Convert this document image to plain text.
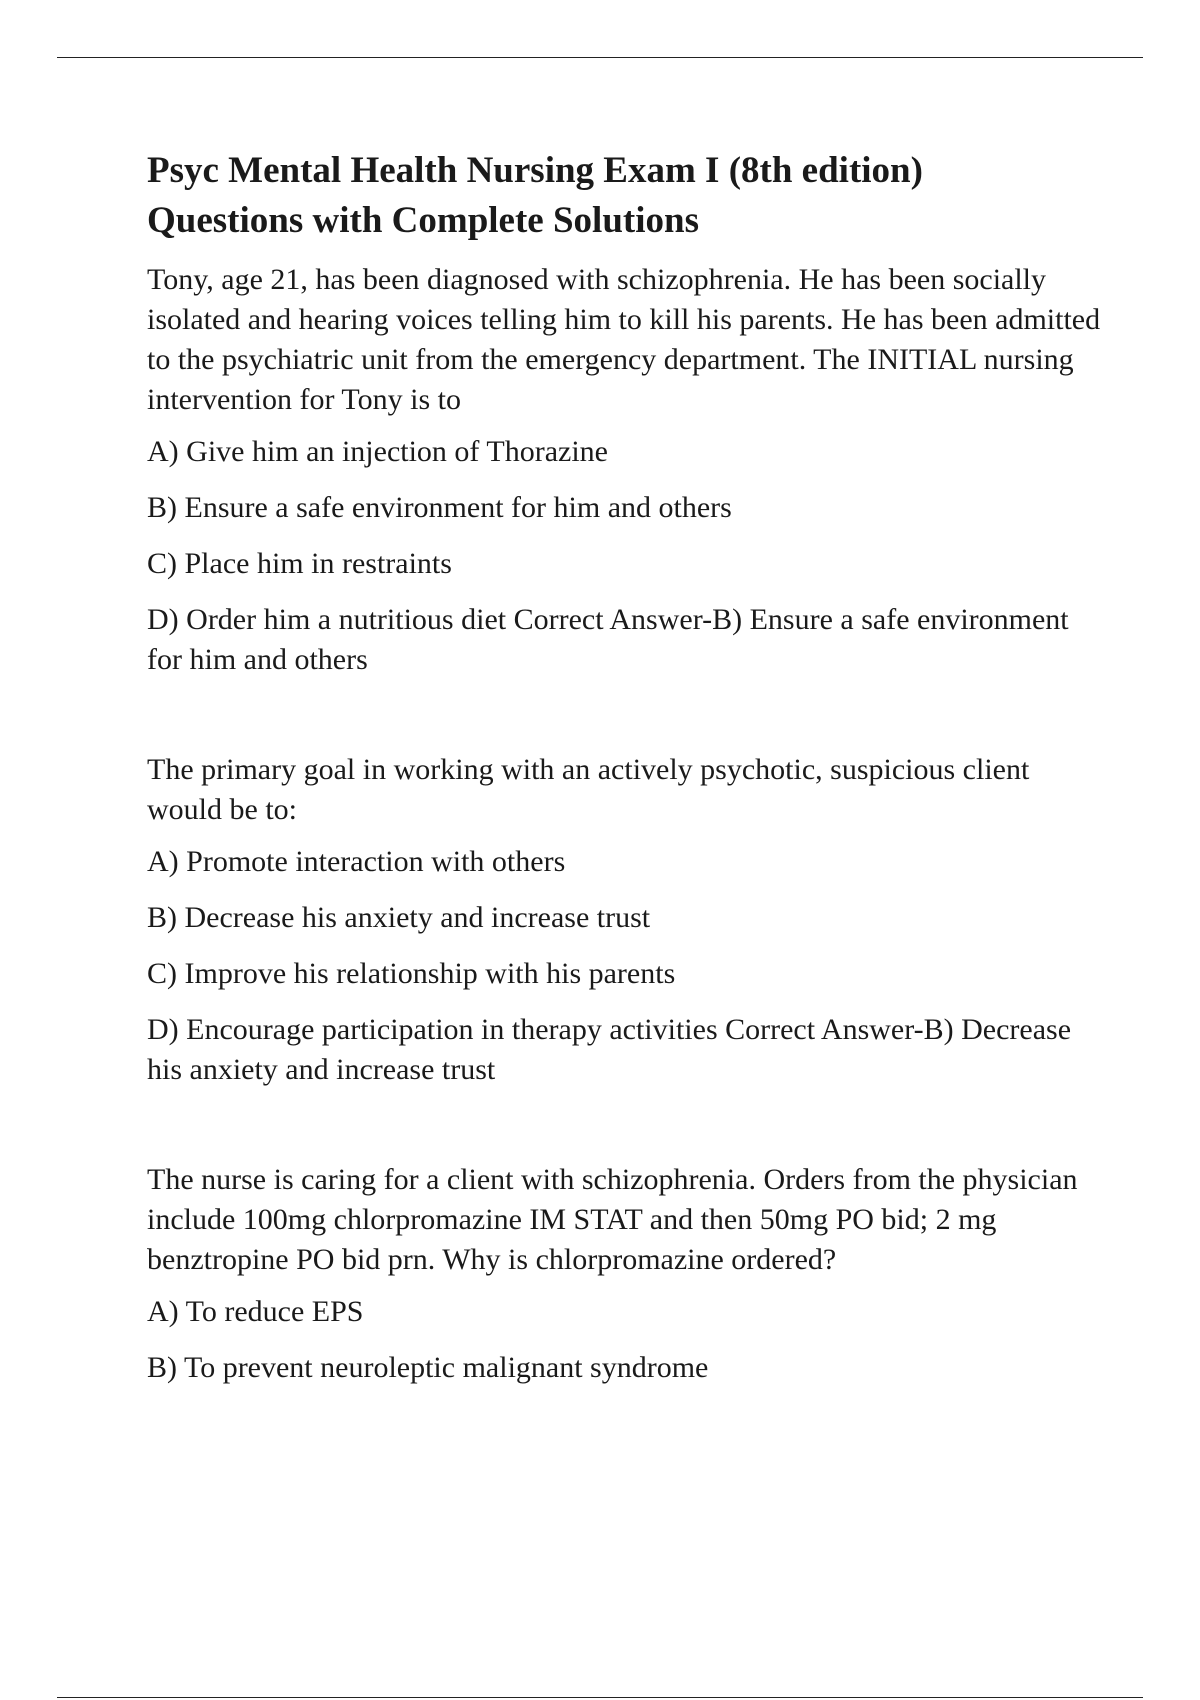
Psyc Mental Health Nursing Exam I (8th edition)
Questions with Complete Solutions

Tony, age 21, has been diagnosed with schizophrenia. He has been socially isolated and hearing voices telling him to kill his parents. He has been admitted to the psychiatric unit from the emergency department. The INITIAL nursing intervention for Tony is to

A) Give him an injection of Thorazine

B) Ensure a safe environment for him and others

C) Place him in restraints

D) Order him a nutritious diet Correct Answer-B) Ensure a safe environment for him and others

The primary goal in working with an actively psychotic, suspicious client would be to:

A) Promote interaction with others

B) Decrease his anxiety and increase trust

C) Improve his relationship with his parents

D) Encourage participation in therapy activities Correct Answer-B) Decrease his anxiety and increase trust

The nurse is caring for a client with schizophrenia. Orders from the physician include 100mg chlorpromazine IM STAT and then 50mg PO bid; 2 mg benztropine PO bid prn. Why is chlorpromazine ordered?

A) To reduce EPS

B) To prevent neuroleptic malignant syndrome
